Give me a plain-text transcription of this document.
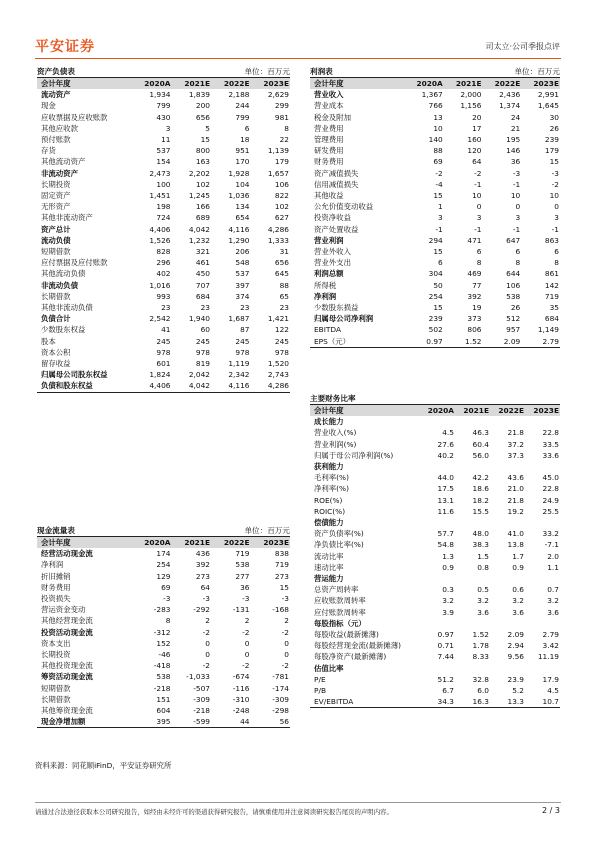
平安证券	司太立·公司季报点评
资产负债表	单位：百万元
会计年度	2020A	2021E	2022E	2023E
流动资产	1,934	1,839	2,188	2,629
现金	799	200	244	299
应收票据及应收账款	430	656	799	981
其他应收款	3	5	6	8
预付账款	11	15	18	22
存货	537	800	951	1,139
其他流动资产	154	163	170	179
非流动资产	2,473	2,202	1,928	1,657
长期投资	100	102	104	106
固定资产	1,451	1,245	1,036	822
无形资产	198	166	134	102
其他非流动资产	724	689	654	627
资产总计	4,406	4,042	4,116	4,286
流动负债	1,526	1,232	1,290	1,333
短期借款	828	321	206	31
应付票据及应付账款	296	461	548	656
其他流动负债	402	450	537	645
非流动负债	1,016	707	397	88
长期借款	993	684	374	65
其他非流动负债	23	23	23	23
负债合计	2,542	1,940	1,687	1,421
少数股东权益	41	60	87	122
股本	245	245	245	245
资本公积	978	978	978	978
留存收益	601	819	1,119	1,520
归属母公司股东权益	1,824	2,042	2,342	2,743
负债和股东权益	4,406	4,042	4,116	4,286
利润表	单位：百万元
会计年度	2020A	2021E	2022E	2023E
营业收入	1,367	2,000	2,436	2,991
营业成本	766	1,156	1,374	1,645
税金及附加	13	20	24	30
营业费用	10	17	21	26
管理费用	140	160	195	239
研发费用	88	120	146	179
财务费用	69	64	36	15
资产减值损失	-2	-2	-3	-3
信用减值损失	-4	-1	-1	-2
其他收益	15	10	10	10
公允价值变动收益	1	0	0	0
投资净收益	3	3	3	3
资产处置收益	-1	-1	-1	-1
营业利润	294	471	647	863
营业外收入	15	6	6	6
营业外支出	6	8	8	8
利润总额	304	469	644	861
所得税	50	77	106	142
净利润	254	392	538	719
少数股东损益	15	19	26	35
归属母公司净利润	239	373	512	684
EBITDA	502	806	957	1,149
EPS（元）	0.97	1.52	2.09	2.79
主要财务比率
会计年度	2020A	2021E	2022E	2023E
成长能力				
营业收入(%)	4.5	46.3	21.8	22.8
营业利润(%)	27.6	60.4	37.2	33.5
归属于母公司净利润(%)	40.2	56.0	37.3	33.6
获利能力				
毛利率(%)	44.0	42.2	43.6	45.0
净利率(%)	17.5	18.6	21.0	22.8
ROE(%)	13.1	18.2	21.8	24.9
ROIC(%)	11.6	15.5	19.2	25.5
偿债能力				
资产负债率(%)	57.7	48.0	41.0	33.2
净负债比率(%)	54.8	38.3	13.8	-7.1
流动比率	1.3	1.5	1.7	2.0
速动比率	0.9	0.8	0.9	1.1
营运能力				
总资产周转率	0.3	0.5	0.6	0.7
应收账款周转率	3.2	3.2	3.2	3.2
应付账款周转率	3.9	3.6	3.6	3.6
每股指标（元）				
每股收益(最新摊薄)	0.97	1.52	2.09	2.79
每股经营现金流(最新摊薄)	0.71	1.78	2.94	3.42
每股净资产(最新摊薄)	7.44	8.33	9.56	11.19
估值比率				
P/E	51.2	32.8	23.9	17.9
P/B	6.7	6.0	5.2	4.5
EV/EBITDA	34.3	16.3	13.3	10.7
现金流量表	单位：百万元
会计年度	2020A	2021E	2022E	2023E
经营活动现金流	174	436	719	838
净利润	254	392	538	719
折旧摊销	129	273	277	273
财务费用	69	64	36	15
投资损失	-3	-3	-3	-3
营运资金变动	-283	-292	-131	-168
其他经营现金流	8	2	2	2
投资活动现金流	-312	-2	-2	-2
资本支出	152	0	0	0
长期投资	-46	0	0	0
其他投资现金流	-418	-2	-2	-2
筹资活动现金流	538	-1,033	-674	-781
短期借款	-218	-507	-116	-174
长期借款	151	-309	-310	-309
其他筹资现金流	604	-218	-248	-298
现金净增加额	395	-599	44	56
资料来源：同花顺iFinD，平安证券研究所
请通过合法途径获取本公司研究报告，如经由未经许可的渠道获得研究报告，请慎重使用并注意阅读研究报告尾页的声明内容。	2 / 3
